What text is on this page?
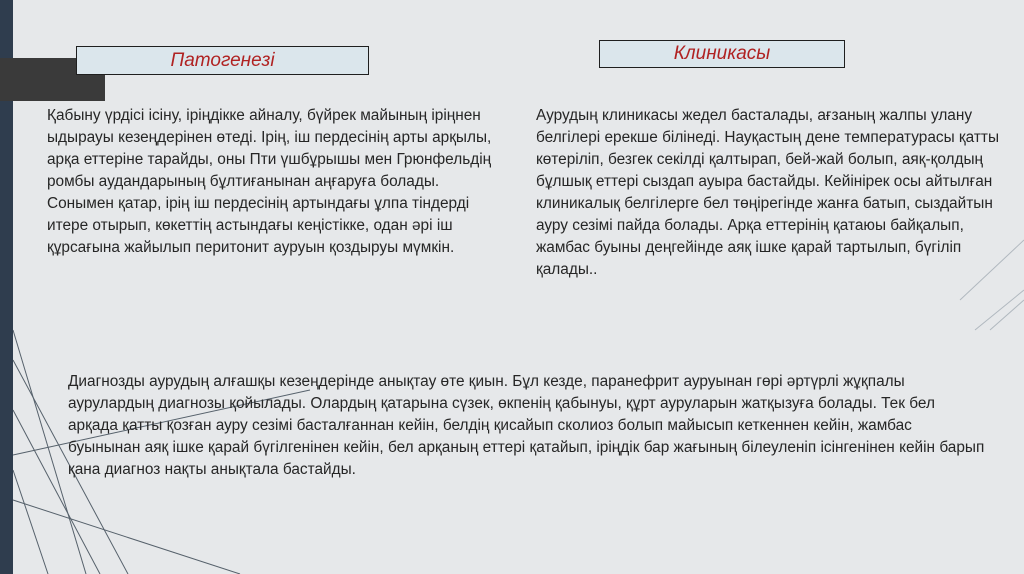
Патогенезі	Клиникасы

Қабыну үрдісі ісіну, іріңдікке айналу, бүйрек майының іріңнен ыдырауы кезеңдерінен өтеді. Ірің, іш пердесінің арты арқылы, арқа еттеріне тарайды, оны Пти үшбұрышы мен Грюнфельдің ромбы аудандарының бұлтиғанынан аңғаруға болады. Сонымен қатар, ірің іш пердесінің артындағы ұлпа тіндерді итере отырып, көкеттің астындағы кеңістікке, одан әрі іш құрсағына жайылып перитонит ауруын қоздыруы мүмкін.

Аурудың клиникасы жедел басталады, ағзаның жалпы улану белгілері ерекше білінеді. Науқастың дене температурасы қатты көтеріліп, безгек секілді қалтырап, бей-жай болып, аяқ-қолдың бұлшық еттері сыздап ауыра бастайды. Кейінірек осы айтылған клиникалық белгілерге бел төңірегінде жанға батып, сыздайтын ауру сезімі пайда болады. Арқа еттерінің қатаюы байқалып, жамбас буыны деңгейінде аяқ ішке қарай тартылып, бүгіліп қалады..

Диагнозды аурудың алғашқы кезеңдерінде анықтау өте қиын. Бұл кезде, паранефрит ауруынан гөрі әртүрлі жұқпалы аурулардың диагнозы қойылады. Олардың қатарына сүзек, өкпенің қабынуы, құрт ауруларын жатқызуға болады. Тек бел арқада қатты қозған ауру сезімі басталғаннан кейін, белдің қисайып сколиоз болып майысып кеткеннен кейін, жамбас буынынан аяқ ішке қарай бүгілгенінен кейін, бел арқаның еттері қатайып, іріңдік бар жағының білеуленіп ісінгенінен кейін барып қана диагноз нақты анықтала бастайды.
